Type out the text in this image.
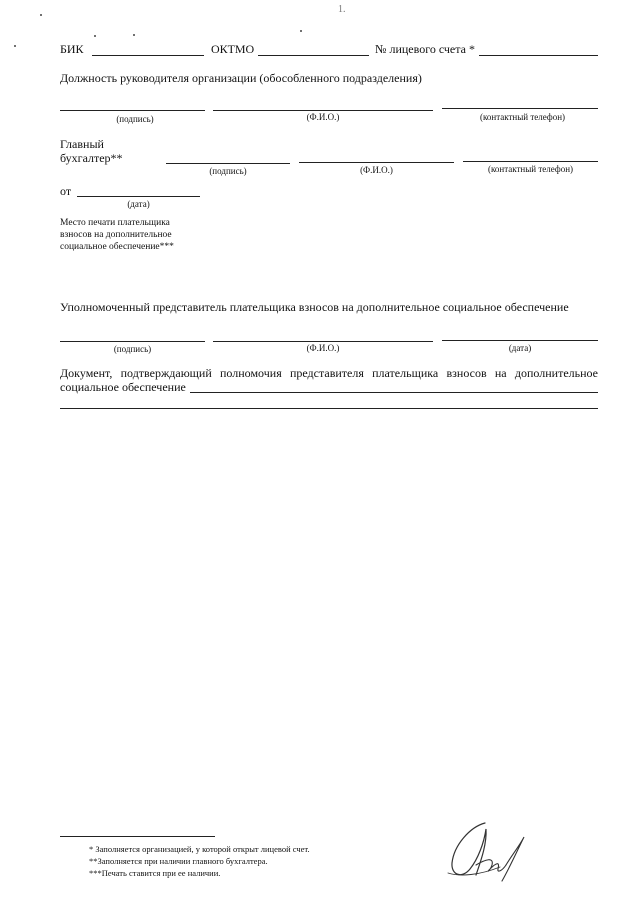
1.
БИК	ОКТМО	№ лицевого счета *
Должность руководителя организации (обособленного подразделения)
(подпись)	(Ф.И.О.)	(контактный телефон)
Главный
бухгалтер**
(подпись)	(Ф.И.О.)	(контактный телефон)
от
(дата)
Место печати плательщика
взносов на дополнительное
социальное обеспечение***
Уполномоченный представитель плательщика взносов на дополнительное социальное обеспечение
(подпись)	(Ф.И.О.)	(дата)
Документ, подтверждающий полномочия представителя плательщика взносов на дополнительное
социальное обеспечение
* Заполняется организацией, у которой открыт лицевой счет.
**Заполняется при наличии главного бухгалтера.
***Печать ставится при ее наличии.
